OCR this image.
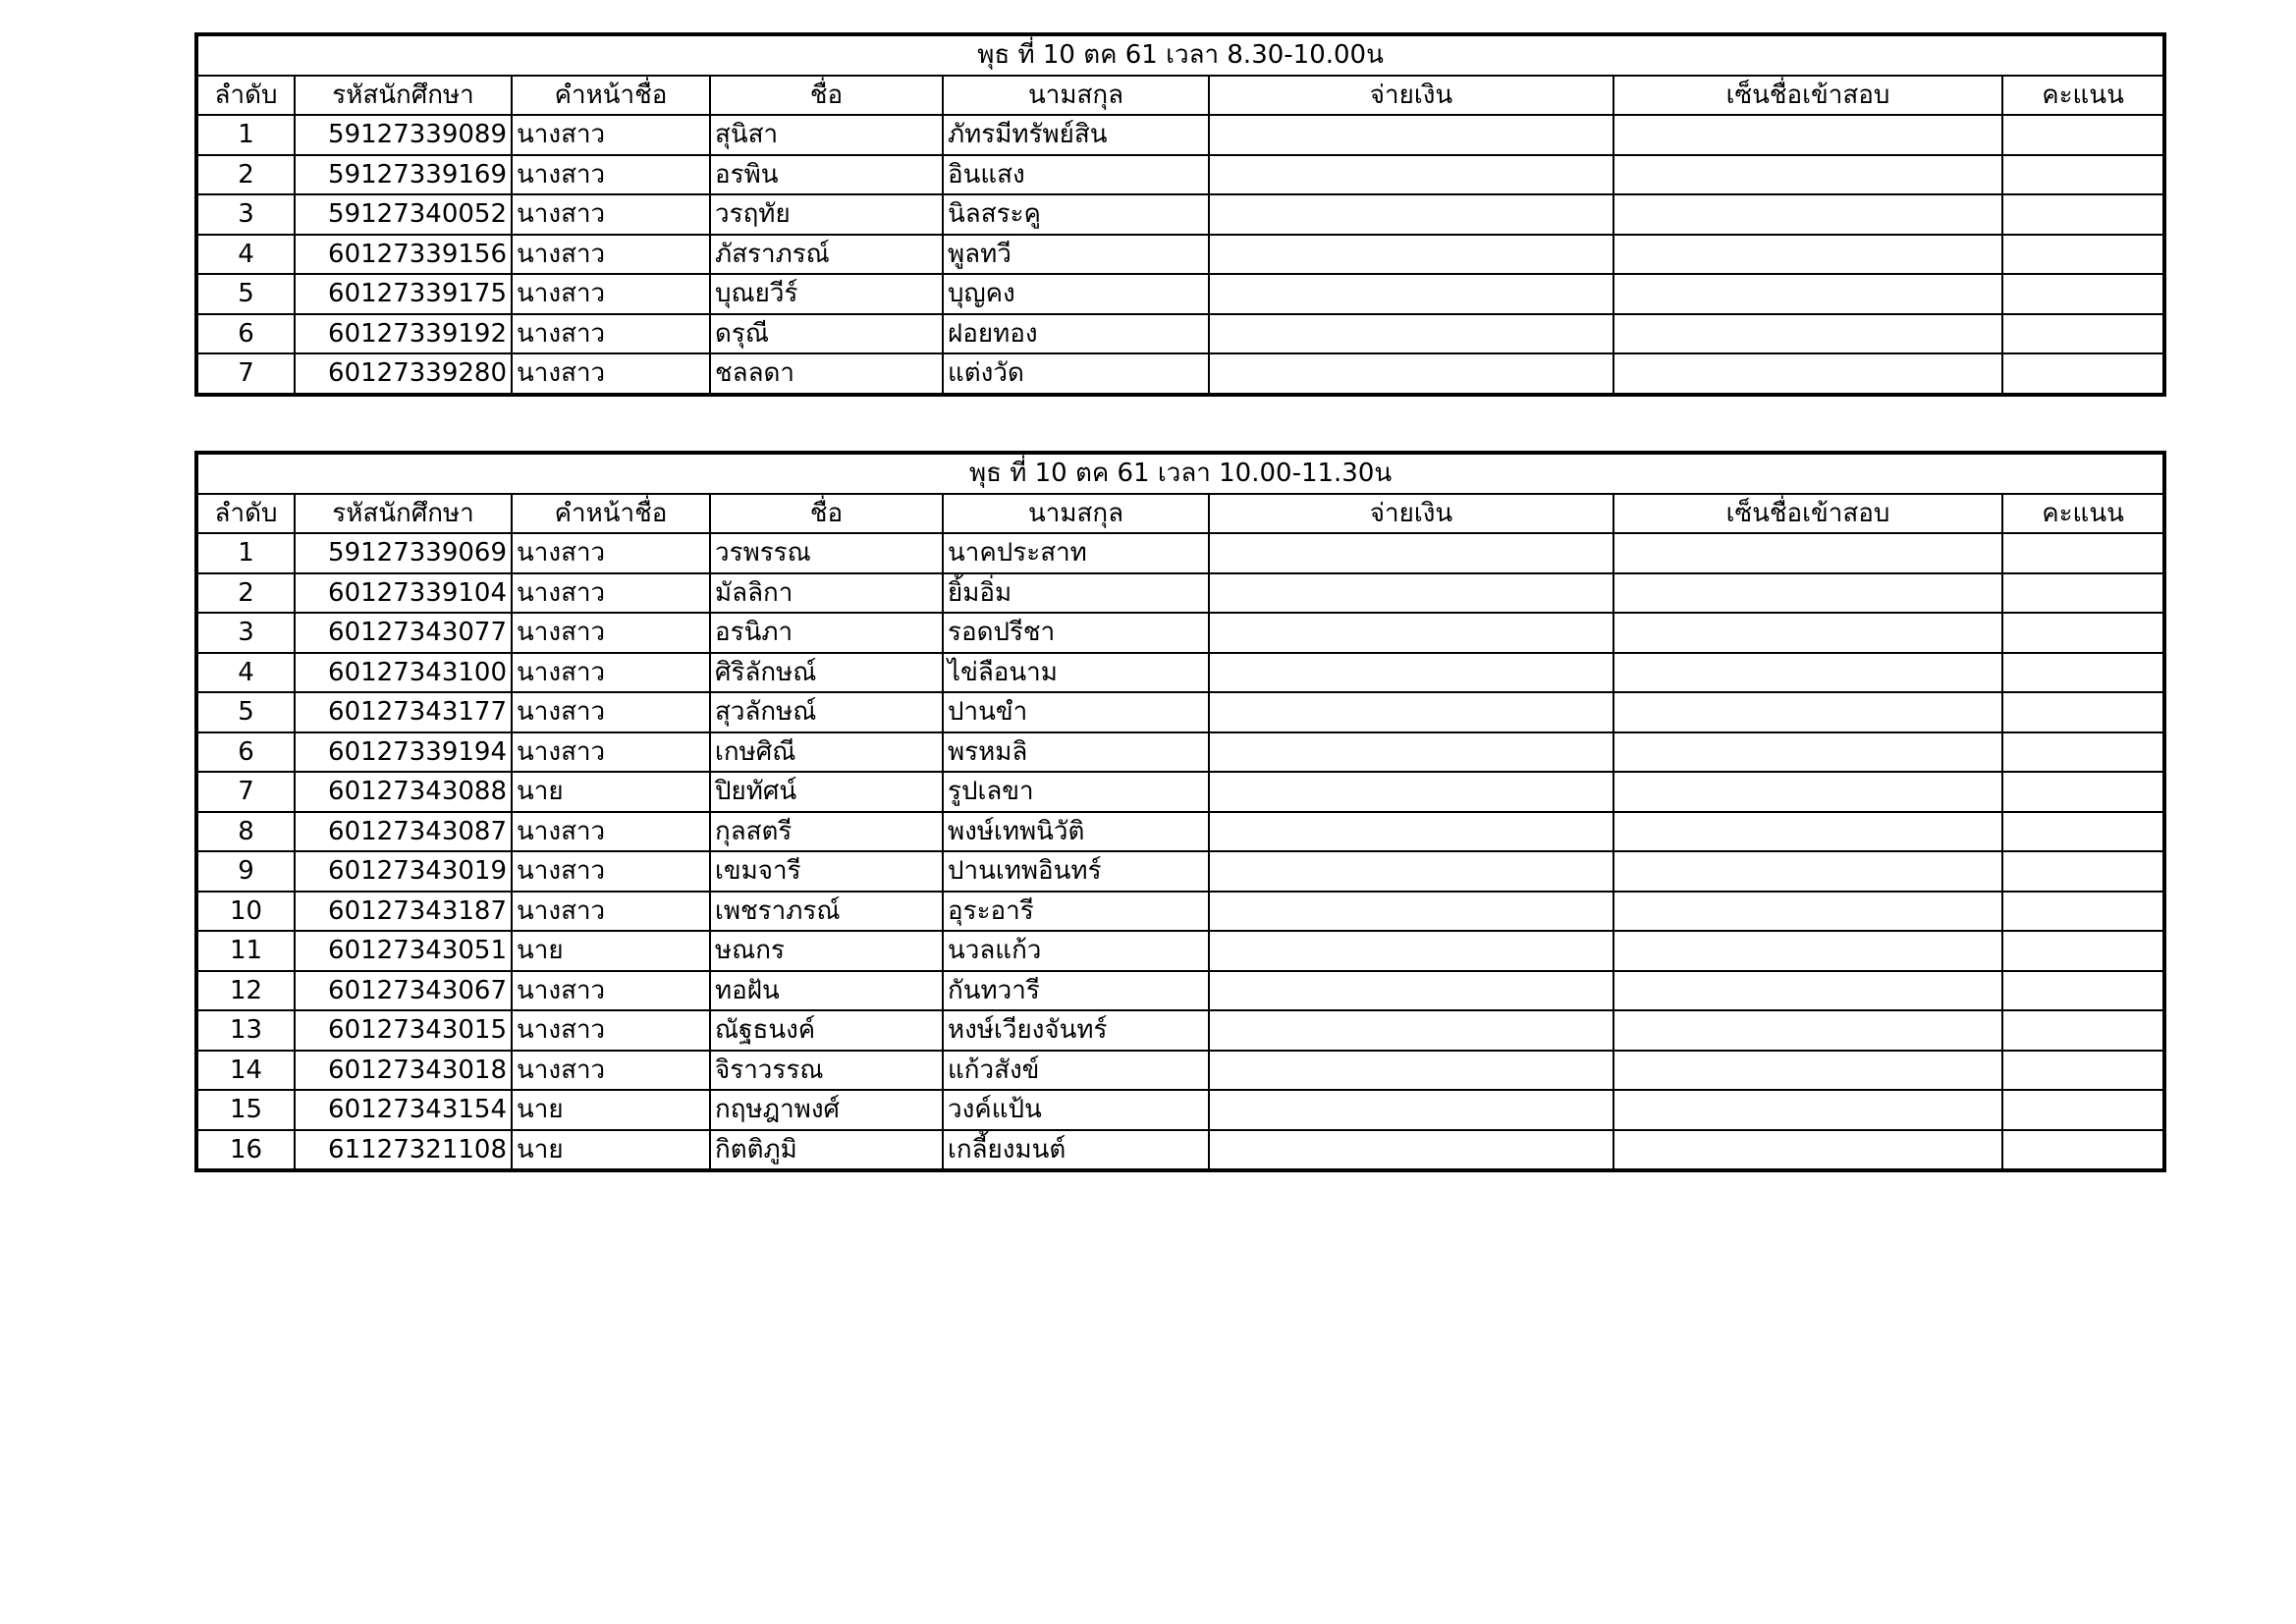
พุธ ที่ 10 ตค 61 เวลา 8.30-10.00น							
ลำดับ	รหัสนักศึกษา	คำหน้าชื่อ	ชื่อ	นามสกุล	จ่ายเงิน	เซ็นชื่อเข้าสอบ	คะแนน
1	59127339089	นางสาว	สุนิสา	ภัทรมีทรัพย์สิน			
2	59127339169	นางสาว	อรพิน	อินแสง			
3	59127340052	นางสาว	วรฤทัย	นิลสระคู			
4	60127339156	นางสาว	ภัสราภรณ์	พูลทวี			
5	60127339175	นางสาว	บุณยวีร์	บุญคง			
6	60127339192	นางสาว	ดรุณี	ฝอยทอง			
7	60127339280	นางสาว	ชลลดา	แต่งวัด			
พุธ ที่ 10 ตค 61 เวลา 10.00-11.30น							
ลำดับ	รหัสนักศึกษา	คำหน้าชื่อ	ชื่อ	นามสกุล	จ่ายเงิน	เซ็นชื่อเข้าสอบ	คะแนน
1	59127339069	นางสาว	วรพรรณ	นาคประสาท			
2	60127339104	นางสาว	มัลลิกา	ยิ้มอิ่ม			
3	60127343077	นางสาว	อรนิภา	รอดปรีชา			
4	60127343100	นางสาว	ศิริลักษณ์	ไข่ลือนาม			
5	60127343177	นางสาว	สุวลักษณ์	ปานขำ			
6	60127339194	นางสาว	เกษศิณี	พรหมลิ			
7	60127343088	นาย	ปิยทัศน์	รูปเลขา			
8	60127343087	นางสาว	กุลสตรี	พงษ์เทพนิวัติ			
9	60127343019	นางสาว	เขมจารี	ปานเทพอินทร์			
10	60127343187	นางสาว	เพชราภรณ์	อุระอารี			
11	60127343051	นาย	ษณกร	นวลแก้ว			
12	60127343067	นางสาว	ทอฝัน	กันทวารี			
13	60127343015	นางสาว	ณัฐธนงค์	หงษ์เวียงจันทร์			
14	60127343018	นางสาว	จิราวรรณ	แก้วสังข์			
15	60127343154	นาย	กฤษฎาพงศ์	วงค์แป้น			
16	61127321108	นาย	กิตติภูมิ	เกลี้ยงมนต์			
